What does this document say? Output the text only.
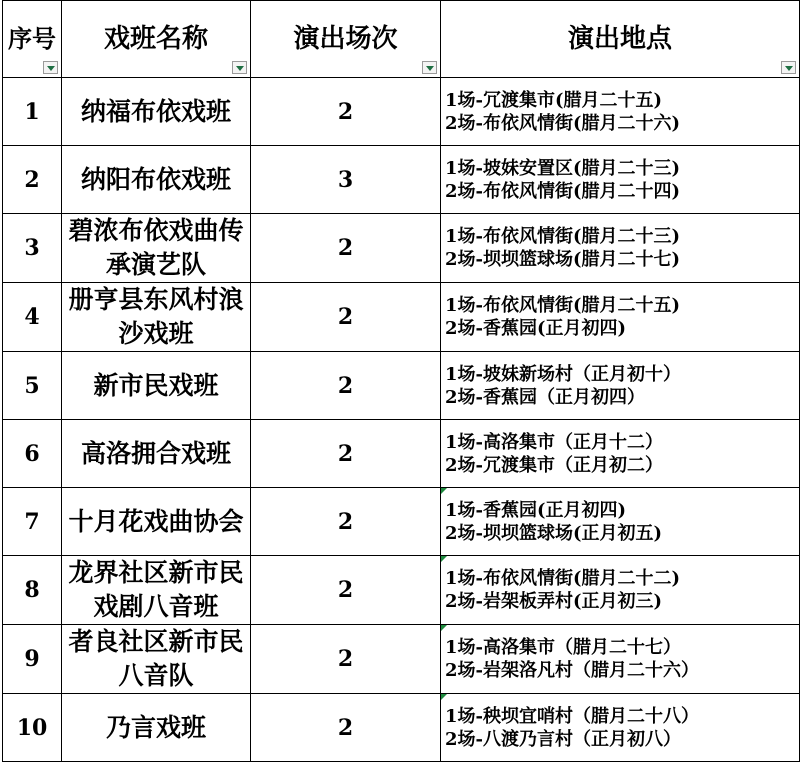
序号	戏班名称	演出场次	演出地点

1	纳福布依戏班	2	1场-冗渡集市(腊月二十五)
2场-布依风情街(腊月二十六)

2	纳阳布依戏班	3	1场-坡妹安置区(腊月二十三)
2场-布依风情街(腊月二十四)

3	碧浓布依戏曲传承演艺队	2	1场-布依风情街(腊月二十三)
2场-坝坝篮球场(腊月二十七)

4	册亨县东风村浪沙戏班	2	1场-布依风情街(腊月二十五)
2场-香蕉园(正月初四)

5	新市民戏班	2	1场-坡妹新场村（正月初十）
2场-香蕉园（正月初四）

6	高洛拥合戏班	2	1场-高洛集市（正月十二）
2场-冗渡集市（正月初二）

7	十月花戏曲协会	2	1场-香蕉园(正月初四)
2场-坝坝篮球场(正月初五)

8	龙界社区新市民戏剧八音班	2	1场-布依风情街(腊月二十二)
2场-岩架板弄村(正月初三)

9	者良社区新市民八音队	2	1场-高洛集市（腊月二十七）
2场-岩架洛凡村（腊月二十六）

10	乃言戏班	2	1场-秧坝宜哨村（腊月二十八）
2场-八渡乃言村（正月初八）
